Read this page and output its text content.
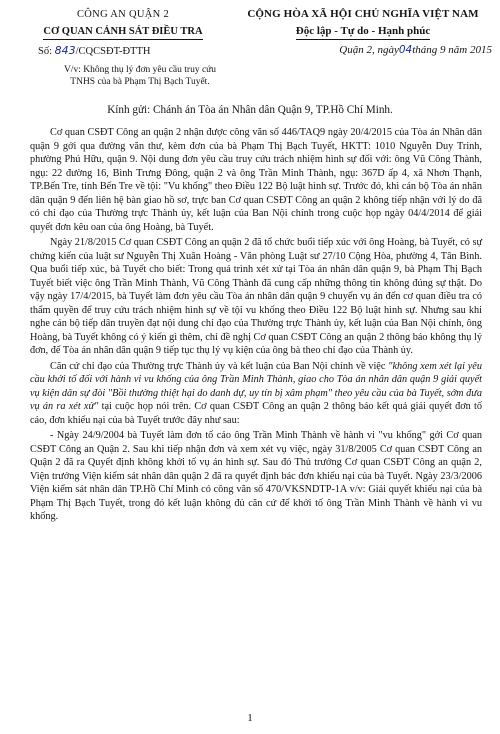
CÔNG AN QUẬN 2
CƠ QUAN CẢNH SÁT ĐIỀU TRA
Số: 843/CQCSĐT-ĐTTH
V/v: Không thụ lý đơn yêu cầu truy cứu
TNHS của bà Phạm Thị Bạch Tuyết.
CỘNG HÒA XÃ HỘI CHỦ NGHĨA VIỆT NAM
Độc lập - Tự do - Hạnh phúc
Quận 2, ngày04tháng 9 năm 2015
Kính gửi: Chánh án Tòa án Nhân dân Quận 9, TP.Hồ Chí Minh.

Cơ quan CSĐT Công an quận 2 nhận được công văn số 446/TAQ9 ngày 20/4/2015 của Tòa án Nhân dân quận 9 gởi qua đường văn thư, kèm đơn của bà Phạm Thị Bạch Tuyết, HKTT: 1010 Nguyễn Duy Trinh, phường Phú Hữu, quận 9. Nội dung đơn yêu cầu truy cứu trách nhiệm hình sự đối với: ông Vũ Công Thành, ngụ: 22 đường 16, Bình Trưng Đông, quận 2 và ông Trần Minh Thành, ngụ: 367D ấp 4, xã Nhơn Thạnh, TP.Bến Tre, tỉnh Bến Tre về tội: "Vu khống" theo Điều 122 Bộ luật hình sự. Trước đó, khi cán bộ Tòa án nhân dân quận 9 đến liên hệ bàn giao hồ sơ, trực ban Cơ quan CSĐT Công an quận 2 không tiếp nhận với lý do đã có chỉ đạo của Thường trực Thành ủy, kết luận của Ban Nội chính trong cuộc họp ngày 04/4/2014 để giải quyết đơn kêu oan của ông Hoàng, bà Tuyết.

Ngày 21/8/2015 Cơ quan CSĐT Công an quận 2 đã tổ chức buổi tiếp xúc với ông Hoàng, bà Tuyết, có sự chứng kiến của luật sư Nguyễn Thị Xuân Hoàng - Văn phòng Luật sư 27/10 Cộng Hòa, phường 4, Tân Bình. Qua buổi tiếp xúc, bà Tuyết cho biết: Trong quá trình xét xử tại Tòa án nhân dân quận 9, bà Phạm Thị Bạch Tuyết biết việc ông Trần Minh Thành, Vũ Công Thành đã cung cấp những thông tin không đúng sự thật. Do vậy ngày 17/4/2015, bà Tuyết làm đơn yêu cầu Tòa án nhân dân quận 9 chuyển vụ án đến cơ quan điều tra có thẩm quyền để truy cứu trách nhiệm hình sự về tội vu khống theo Điều 122 Bộ luật hình sự. Nhưng sau khi nghe cán bộ tiếp dân truyền đạt nội dung chỉ đạo của Thường trực Thành ủy, kết luận của Ban Nội chính, ông Hoàng, bà Tuyết không có ý kiến gì thêm, chỉ đề nghị Cơ quan CSĐT Công an quận 2 thông báo không thụ lý đơn, để Tòa án nhân dân quận 9 tiếp tục thụ lý vụ kiện của ông bà theo chỉ đạo của Thành ủy.

Căn cứ chỉ đạo của Thường trực Thành ủy và kết luận của Ban Nội chính về việc "không xem xét lại yêu cầu khởi tố đối với hành vi vu khống của ông Trần Minh Thành, giao cho Tòa án nhân dân quận 9 giải quyết vụ kiện dân sự đòi "Bồi thường thiệt hại do danh dự, uy tín bị xâm phạm" theo yêu cầu của bà Tuyết, sớm đưa vụ án ra xét xử" tại cuộc họp nói trên. Cơ quan CSĐT Công an quận 2 thông báo kết quả giải quyết đơn tố cáo, đơn khiếu nại của bà Tuyết trước đây như sau:

- Ngày 24/9/2004 bà Tuyết làm đơn tố cáo ông Trần Minh Thành về hành vi "vu khống" gởi Cơ quan CSĐT Công an Quận 2. Sau khi tiếp nhận đơn và xem xét vụ việc, ngày 31/8/2005 Cơ quan CSĐT Công an Quận 2 đã ra Quyết định không khởi tố vụ án hình sự. Sau đó Thủ trưởng Cơ quan CSĐT Công an quận 2, Viện trưởng Viện kiểm sát nhân dân quận 2 đã ra quyết định bác đơn khiếu nại của bà Tuyết. Ngày 23/3/2006 Viện kiểm sát nhân dân TP.Hồ Chí Minh có công văn số 470/VKSNDTP-1A v/v: Giải quyết khiếu nại của bà Phạm Thị Bạch Tuyết, trong đó kết luận không đủ căn cứ để khởi tố ông Trần Minh Thành về hành vi vu khống.

1
